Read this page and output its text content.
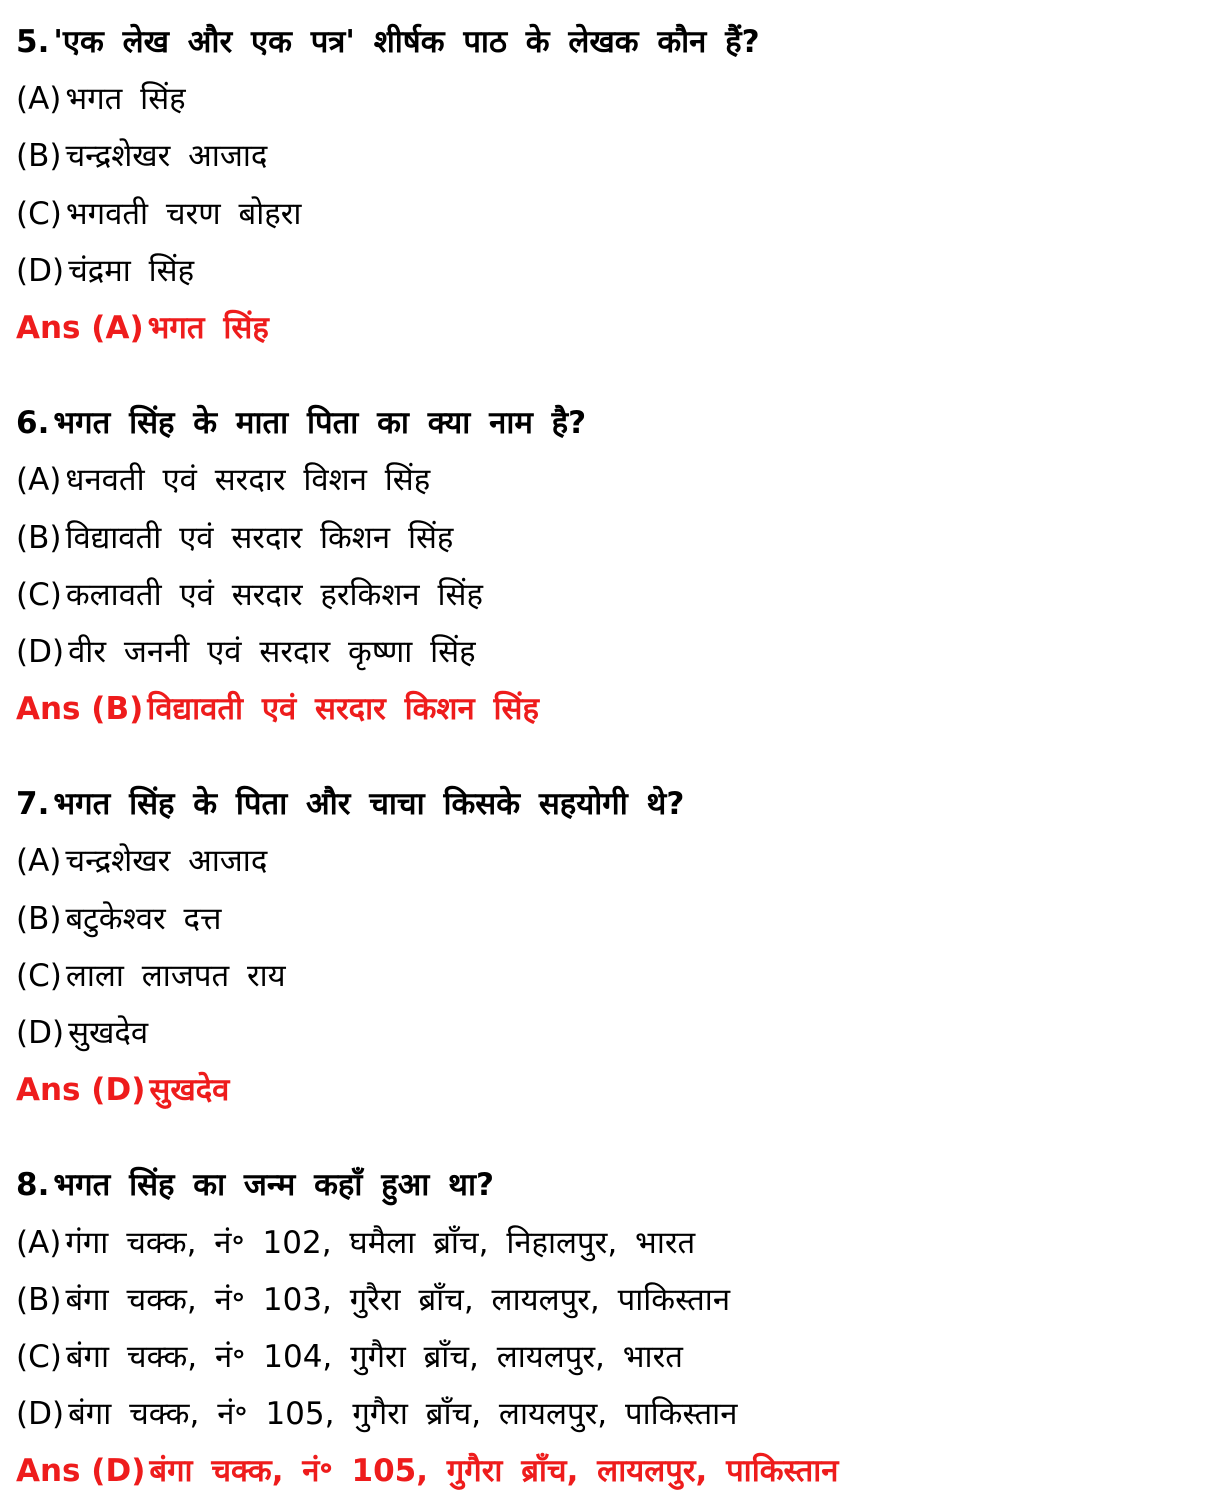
5. 'एक लेख और एक पत्र' शीर्षक पाठ के लेखक कौन हैं?
(A) भगत सिंह
(B) चन्द्रशेखर आजाद
(C) भगवती चरण बोहरा
(D) चंद्रमा सिंह
Ans (A) भगत सिंह
6. भगत सिंह के माता पिता का क्या नाम है?
(A) धनवती एवं सरदार विशन सिंह
(B) विद्यावती एवं सरदार किशन सिंह
(C) कलावती एवं सरदार हरकिशन सिंह
(D) वीर जननी एवं सरदार कृष्णा सिंह
Ans (B) विद्यावती एवं सरदार किशन सिंह
7. भगत सिंह के पिता और चाचा किसके सहयोगी थे?
(A) चन्द्रशेखर आजाद
(B) बटुकेश्वर दत्त
(C) लाला लाजपत राय
(D) सुखदेव
Ans (D) सुखदेव
8. भगत सिंह का जन्म कहाँ हुआ था?
(A) गंगा चक्क, नं॰ 102, घमैला ब्राँच, निहालपुर, भारत
(B) बंगा चक्क, नं॰ 103, गुरैरा ब्राँच, लायलपुर, पाकिस्तान
(C) बंगा चक्क, नं॰ 104, गुगैरा ब्राँच, लायलपुर, भारत
(D) बंगा चक्क, नं॰ 105, गुगैरा ब्राँच, लायलपुर, पाकिस्तान
Ans (D) बंगा चक्क, नं॰ 105, गुगैरा ब्राँच, लायलपुर, पाकिस्तान
